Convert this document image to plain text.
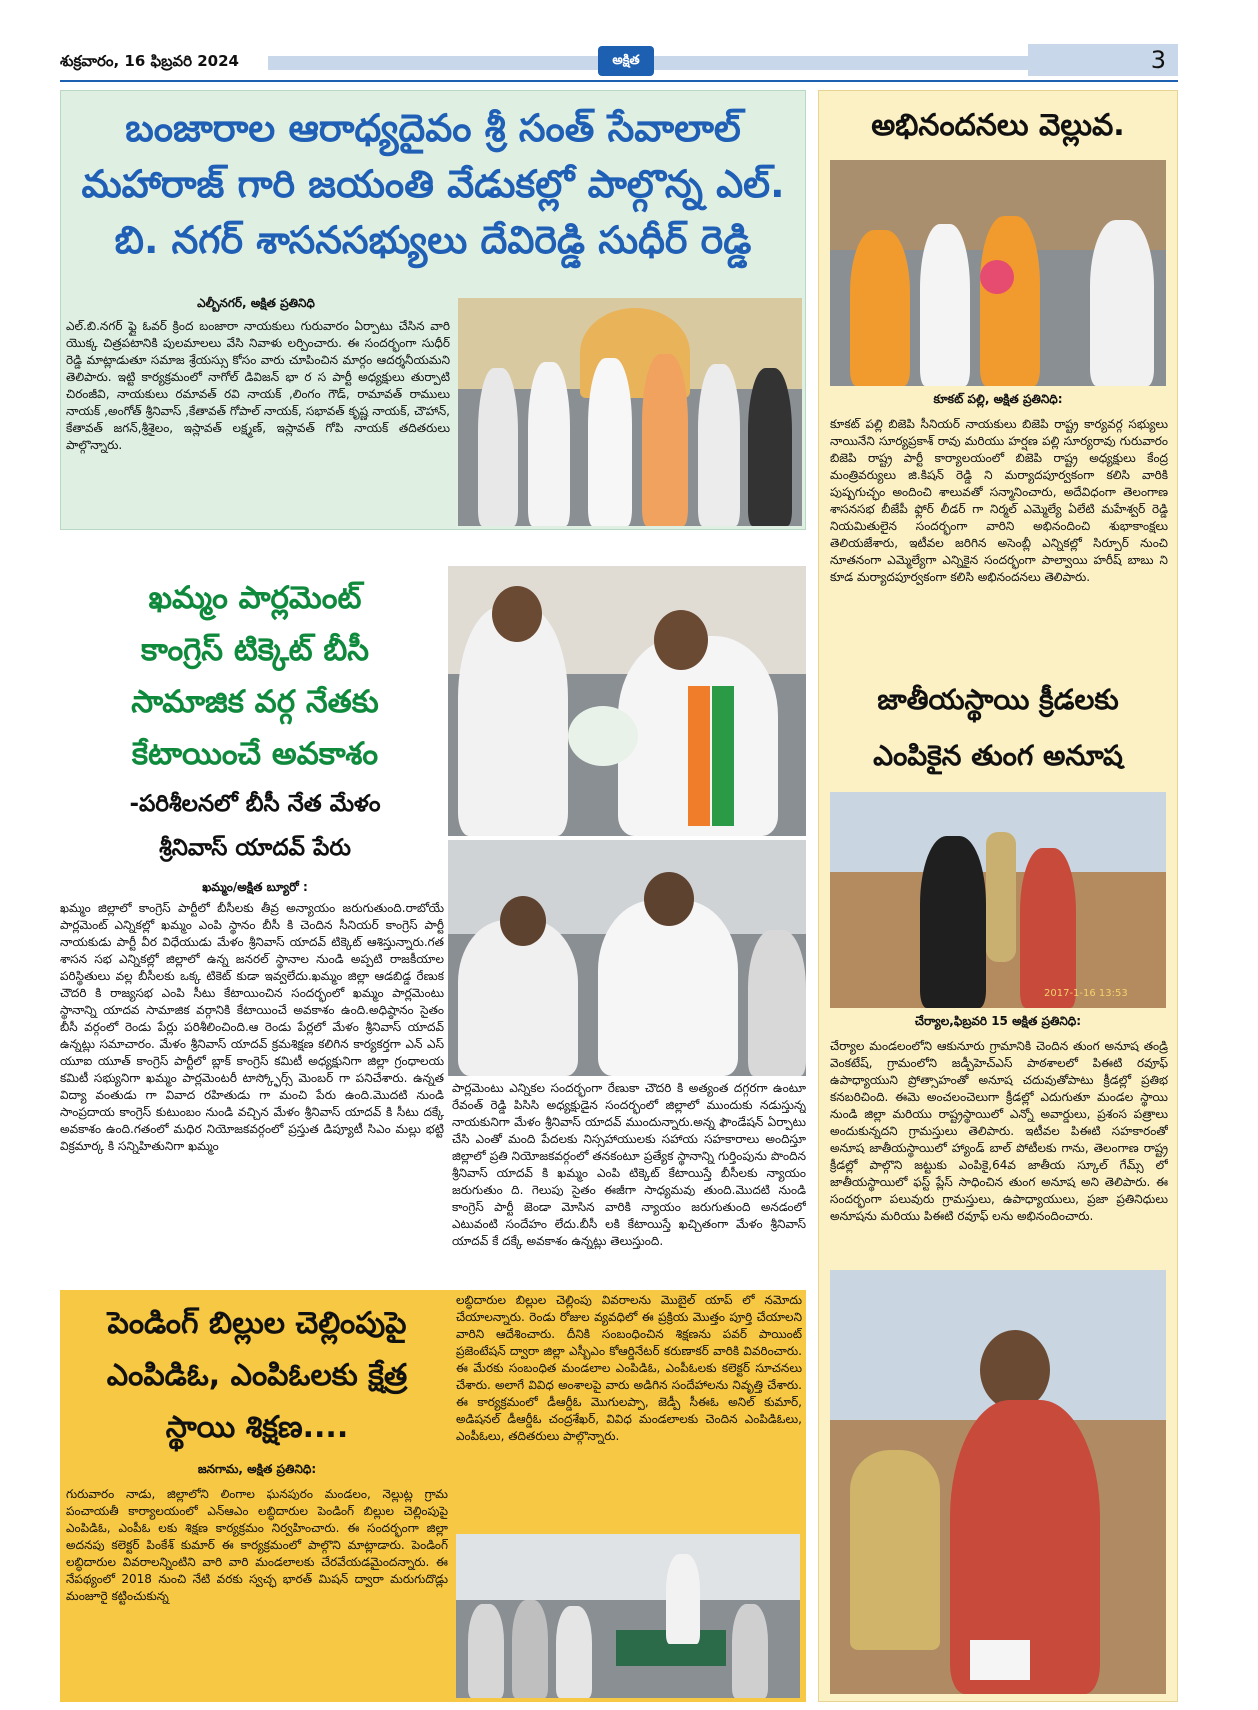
శుక్రవారం, 16 ఫిబ్రవరి 2024	అక్షిత	3
బంజారాల ఆరాధ్యదైవం శ్రీ సంత్ సేవాలాల్
మహారాజ్ గారి జయంతి వేడుకల్లో పాల్గొన్న ఎల్.
బి. నగర్ శాసనసభ్యులు దేవిరెడ్డి సుధీర్ రెడ్డి
ఎల్బీనగర్, అక్షిత ప్రతినిధి
ఎల్.బి.నగర్ ఫ్లై ఓవర్ క్రింద బంజారా నాయకులు గురువారం ఏర్పాటు చేసిన వారి యొక్క చిత్రపటానికి పులమాలలు వేసి నివాళు లర్పించారు. ఈ సందర్భంగా సుధీర్ రెడ్డి మాట్లాడుతూ సమాజ శ్రేయస్సు కోసం వారు చూపించిన మార్గం ఆదర్శనీయమని తెలిపారు. ఇట్టి కార్యక్రమంలో నాగోల్ డివిజన్ భా ర స పార్టీ అధ్యక్షులు తుర్పాటి చిరంజీవి, నాయకులు రమావత్ రవి నాయక్ ,లింగం గౌడ్, రామావత్ రాములు నాయక్ ,అంగోత్ శ్రీనివాస్ ,కేతావత్ గోపాల్ నాయక్, సభావత్ కృష్ణ నాయక్, చౌహాన్, కేతావత్ జగన్,శ్రీశైలం, ఇస్లావత్ లక్ష్మణ్, ఇస్లావత్ గోపి నాయక్ తదితరులు పాల్గొన్నారు.
ఖమ్మం పార్లమెంట్
కాంగ్రెస్ టిక్కెట్ బీసీ
సామాజిక వర్గ నేతకు
కేటాయించే అవకాశం
-పరిశీలనలో బీసీ నేత మేళం
శ్రీనివాస్ యాదవ్ పేరు
ఖమ్మం/అక్షిత బ్యూరో :
ఖమ్మం జిల్లాలో కాంగ్రెస్ పార్టీలో బీసీలకు తీవ్ర అన్యాయం జరుగుతుంది.రాబోయే పార్లమెంట్ ఎన్నికల్లో ఖమ్మం ఎంపి స్థానం బీసీ కి చెందిన సీనియర్ కాంగ్రెస్ పార్టీ నాయకుడు పార్టీ వీర విధేయుడు మేళం శ్రీనివాస్ యాదవ్ టిక్కెట్ ఆశిస్తున్నారు.గత శాసన సభ ఎన్నికల్లో జిల్లాలో ఉన్న జనరల్ స్థానాల నుండి అప్పటి రాజకీయాల పరిస్థితులు వల్ల బీసీలకు ఒక్క టికెట్ కుడా ఇవ్వలేదు.ఖమ్మం జిల్లా ఆడబిడ్డ రేణుక చౌదరి కి రాజ్యసభ ఎంపి సీటు కేటాయించిన సందర్భంలో ఖమ్మం పార్లమెంటు స్థానాన్ని యాదవ సామాజిక వర్గానికి కేటాయించే అవకాశం ఉంది.అధిష్ఠానం సైతం బీసీ వర్గంలో రెండు పేర్లు పరిశీలించింది.ఆ రెండు పేర్లలో మేళం శ్రీనివాస్ యాదవ్ ఉన్నట్లు సమాచారం. మేళం శ్రీనివాస్ యాదవ్ క్రమశిక్షణ కలిగిన కార్యకర్తగా ఎన్ ఎస్ యూఐ యూత్ కాంగ్రెస్ పార్టీలో బ్లాక్ కాంగ్రెస్ కమిటీ అధ్యక్షునిగా జిల్లా గ్రంధాలయ కమిటీ సభ్యునిగా ఖమ్మం పార్లమెంటరీ టాస్క్ఫోర్స్ మెంబర్ గా పనిచేశారు. ఉన్నత విద్యా వంతుడు గా వివాద రహితుడు గా మంచి పేరు ఉంది.మొదటి నుండి సాంప్రదాయ కాంగ్రెస్ కుటుంబం నుండి వచ్చిన మేళం శ్రీనివాస్ యాదవ్ కి సీటు దక్కే అవకాశం ఉంది.గతంలో మధిర నియోజకవర్గంలో ప్రస్తుత డిప్యూటీ సిఎం మల్లు భట్టి విక్రమార్క కి సన్నిహితునిగా ఖమ్మం
పార్లమెంటు ఎన్నికల సందర్భంగా రేణుకా చౌదరి కి అత్యంత దగ్గరగా ఉంటూ రేవంత్ రెడ్డి పిసిసి అధ్యక్షుడైన సందర్భంలో జిల్లాలో ముందుకు నడుస్తున్న నాయకునిగా మేళం శ్రీనివాస్ యాదవ్ ముందున్నారు.అన్న ఫౌండేషన్ ఏర్పాటు చేసి ఎంతో మంది పేదలకు నిస్సహాయులకు సహాయ సహకారాలు అందిస్తూ జిల్లాలో ప్రతి నియోజకవర్గంలో తనకంటూ ప్రత్యేక స్థానాన్ని గుర్తింపును పొందిన శ్రీనివాస్ యాదవ్ కి ఖమ్మం ఎంపి టిక్కెట్ కేటాయిస్తే బీసీలకు న్యాయం జరుగుతుం ది. గెలుపు సైతం ఈజీగా సాధ్యమవు తుంది.మొదటి నుండి కాంగ్రెస్ పార్టీ జెండా మోసిన వారికి న్యాయం జరుగుతుంది అనడంలో ఎటువంటి సందేహం లేదు.బీసీ లకి కేటాయిస్తే ఖచ్చితంగా మేళం శ్రీనివాస్ యాదవ్ కే దక్కే అవకాశం ఉన్నట్లు తెలుస్తుంది.
పెండింగ్ బిల్లుల చెల్లింపుపై
ఎంపిడిఓ, ఎంపిఓలకు క్షేత్ర
స్థాయి శిక్షణ....
జనగామ, అక్షిత ప్రతినిధి:
గురువారం నాడు, జిల్లాలోని లింగాల ఘనపురం మండలం, నెల్లుట్ల గ్రామ పంచాయతీ కార్యాలయంలో ఎన్ఆఎం లబ్ధిదారుల పెండింగ్ బిల్లుల చెల్లింపుపై ఎంపిడిఓ, ఎంపీఓ లకు శిక్షణ కార్యక్రమం నిర్వహించారు. ఈ సందర్భంగా జిల్లా అదనపు కలెక్టర్ పింకేశ్ కుమార్ ఈ కార్యక్రమంలో పాల్గొని మాట్లాడారు. పెండింగ్ లబ్ధిదారుల వివరాలన్నింటిని వారి వారి మండలాలకు చేరవేయడమైందన్నారు. ఈ నేపథ్యంలో 2018 నుంచి నేటి వరకు స్వచ్ఛ భారత్ మిషన్ ద్వారా మరుగుదొడ్లు మంజూరై కట్టించుకున్న
లబ్ధిదారుల బిల్లుల చెల్లింపు వివరాలను మొబైల్ యాప్ లో నమోదు చేయాలన్నారు. రెండు రోజుల వ్యవధిలో ఈ ప్రక్రియ మొత్తం పూర్తి చేయాలని వారిని ఆదేశించారు. దీనికి సంబంధించిన శిక్షణను పవర్ పాయింట్ ప్రజెంటేషన్ ద్వారా జిల్లా ఎస్బీఎం కోఆర్డినేటర్ కరుణాకర్ వారికి వివరించారు. ఈ మేరకు సంబంధిత మండలాల ఎంపిడిఓ, ఎంపీఓలకు కలెక్టర్ సూచనలు చేశారు. అలాగే వివిధ అంశాలపై వారు అడిగిన సందేహాలను నివృత్తి చేశారు. ఈ కార్యక్రమంలో డీఆర్డీఓ మొగులప్పా, జెడ్పీ సీఈఓ అనిల్ కుమార్, అడిషనల్ డీఆర్డీఓ చంద్రశేఖర్, వివిధ మండలాలకు చెందిన ఎంపిడిఓలు, ఎంపీఓలు, తదితరులు పాల్గొన్నారు.
అభినందనలు వెల్లువ.
కూకట్ పల్లి, అక్షిత ప్రతినిధి:
కూకట్ పల్లి బిజెపి సీనియర్ నాయకులు బిజెపి రాష్ట్ర కార్యవర్గ సభ్యులు నాయినేని సూర్యప్రకాశ్ రావు మరియు హర్షణ పల్లి సూర్యరావు గురువారం బిజెపి రాష్ట్ర పార్టీ కార్యాలయంలో బిజెపి రాష్ట్ర అధ్యక్షులు కేంద్ర మంత్రివర్యులు జి.కిషన్ రెడ్డి ని మర్యాదపూర్వకంగా కలిసి వారికి పుష్పగుచ్ఛం అందించి శాలువతో సన్మానించారు, అదేవిధంగా తెలంగాణ శాసనసభ బీజేపీ ఫ్లోర్ లీడర్ గా నిర్మల్ ఎమ్మెల్యే ఏలేటి మహేశ్వర్ రెడ్డి నియమితులైన సందర్భంగా వారిని అభినందించి శుభాకాంక్షలు తెలియజేశారు, ఇటీవల జరిగిన అసెంబ్లీ ఎన్నికల్లో సిర్పూర్ నుంచి నూతనంగా ఎమ్మెల్యేగా ఎన్నికైన సందర్భంగా పాల్వాయి హరీష్ బాబు ని కూడ మర్యాదపూర్వకంగా కలిసి అభినందనలు తెలిపారు.
జాతీయస్థాయి క్రీడలకు
ఎంపికైన తుంగ అనూష
2017-1-16 13:53
చేర్యాల,ఫిబ్రవరి 15 అక్షిత ప్రతినిధి:
చేర్యాల మండలంలోని ఆకునూరు గ్రామానికి చెందిన తుంగ అనూష తండ్రి వెంకటేష్, గ్రామంలోని జడ్పీహెచ్ఎస్ పాఠశాలలో పిఈటి రవూఫ్ ఉపాధ్యాయుని ప్రోత్సాహంతో అనూష చదువుతోపాటు క్రీడల్లో ప్రతిభ కనబరిచింది. ఈమె అంచలంచెలుగా క్రీడల్లో ఎదుగుతూ మండల స్థాయి నుండి జిల్లా మరియు రాష్ట్రస్థాయిలో ఎన్నో అవార్డులు, ప్రశంస పత్రాలు అందుకున్నదని గ్రామస్తులు తెలిపారు. ఇటీవల పిఈటి సహకారంతో అనూష జాతీయస్థాయిలో హ్యాండ్ బాల్ పోటీలకు గాను, తెలంగాణ రాష్ట్ర క్రీడల్లో పాల్గొని జట్టుకు ఎంపికై,64వ జాతీయ స్కూల్ గేమ్స్ లో జాతీయస్థాయిలో ఫస్ట్ ప్లేస్ సాధించిన తుంగ అనూష అని తెలిపారు. ఈ సందర్భంగా పలువురు గ్రామస్తులు, ఉపాధ్యాయులు, ప్రజా ప్రతినిధులు అనూషను మరియు పిఈటి రవూఫ్ లను అభినందించారు.
